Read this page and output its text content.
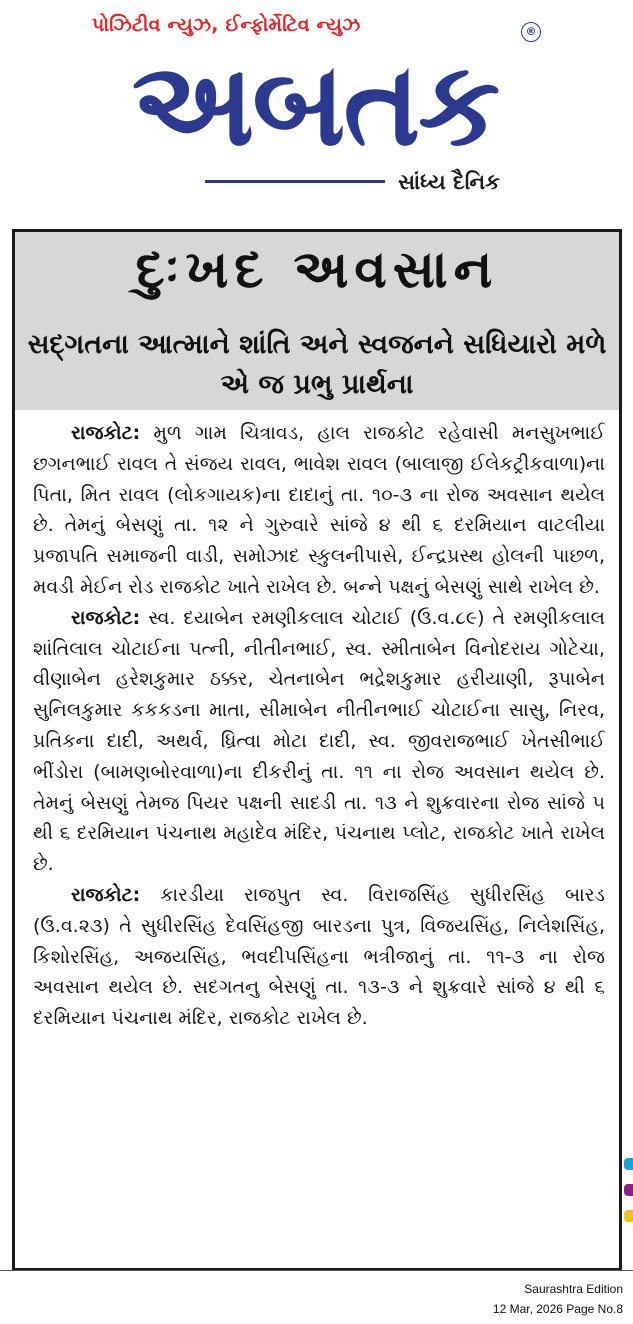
પોઝિટીવ ન્યુઝ, ઈન્ફોર્મેટિવ ન્યુઝ	®
અબતક
સાંધ્ય દૈનિક
દુઃખદ અવસાન
સદ્ગતના આત્માને શાંતિ અને સ્વજનને સધિયારો મળે એ જ પ્રભુ પ્રાર્થના

રાજકોટ: મુળ ગામ ચિત્રાવડ, હાલ રાજકોટ રહેવાસી મનસુખભાઈ છગનભાઈ રાવલ તે સંજય રાવલ, ભાવેશ રાવલ (બાલાજી ઈલેકટ્રીકવાળા)ના પિતા, મિત રાવલ (લોકગાયક)ના દાદાનું તા. ૧૦-૩ ના રોજ અવસાન થયેલ છે. તેમનું બેસણું તા. ૧૨ ને ગુરુવારે સાંજે ૪ થી ૬ દરમિયાન વાટલીયા પ્રજાપતિ સમાજની વાડી, સમોઝાદ સ્કુલનીપાસે, ઈન્દ્રપ્રસ્થ હોલની પાછળ, મવડી મેઈન રોડ રાજકોટ ખાતે રાખેલ છે. બન્ને પક્ષનું બેસણું સાથે રાખેલ છે.

રાજકોટ: સ્વ. દયાબેન રમણીકલાલ ચોટાઈ (ઉ.વ.૮૯) તે રમણીકલાલ શાંતિલાલ ચોટાઈના પત્ની, નીતીનભાઈ, સ્વ. સ્મીતાબેન વિનોદરાય ગોટેચા, વીણાબેન હરેશકુમાર ઠક્કર, ચેતનાબેન ભદ્રેશકુમાર હરીયાણી, રૂપાબેન સુનિલકુમાર કકકડના માતા, સીમાબેન નીતીનભાઈ ચોટાઈના સાસુ, નિરવ, પ્રતિકના દાદી, અથર્વ, ધ્રિત્વા મોટા દાદી, સ્વ. જીવરાજભાઈ ખેતસીભાઈ ભીંડોરા (બામણબોરવાળા)ના દીકરીનું તા. ૧૧ ના રોજ અવસાન થયેલ છે. તેમનું બેસણું તેમજ પિયર પક્ષની સાદડી તા. ૧૩ ને શુક્રવારના રોજ સાંજે ૫ થી ૬ દરમિયાન પંચનાથ મહાદેવ મંદિર, પંચનાથ પ્લોટ, રાજકોટ ખાતે રાખેલ છે.

રાજકોટ: કારડીયા રાજપુત સ્વ. વિરાજસિંહ સુધીરસિંહ બારડ (ઉ.વ.૨૩) તે સુધીરસિંહ દેવસિંહજી બારડના પુત્ર, વિજયસિંહ, નિલેશસિંહ, કિશોરસિંહ, અજયસિંહ, ભવદીપસિંહના ભત્રીજાનું તા. ૧૧-૩ ના રોજ અવસાન થયેલ છે. સદગતનુ બેસણું તા. ૧૩-૩ ને શુક્રવારે સાંજે ૪ થી ૬ દરમિયાન પંચનાથ મંદિર, રાજકોટ રાખેલ છે.

Saurashtra Edition
12 Mar, 2026 Page No.8
